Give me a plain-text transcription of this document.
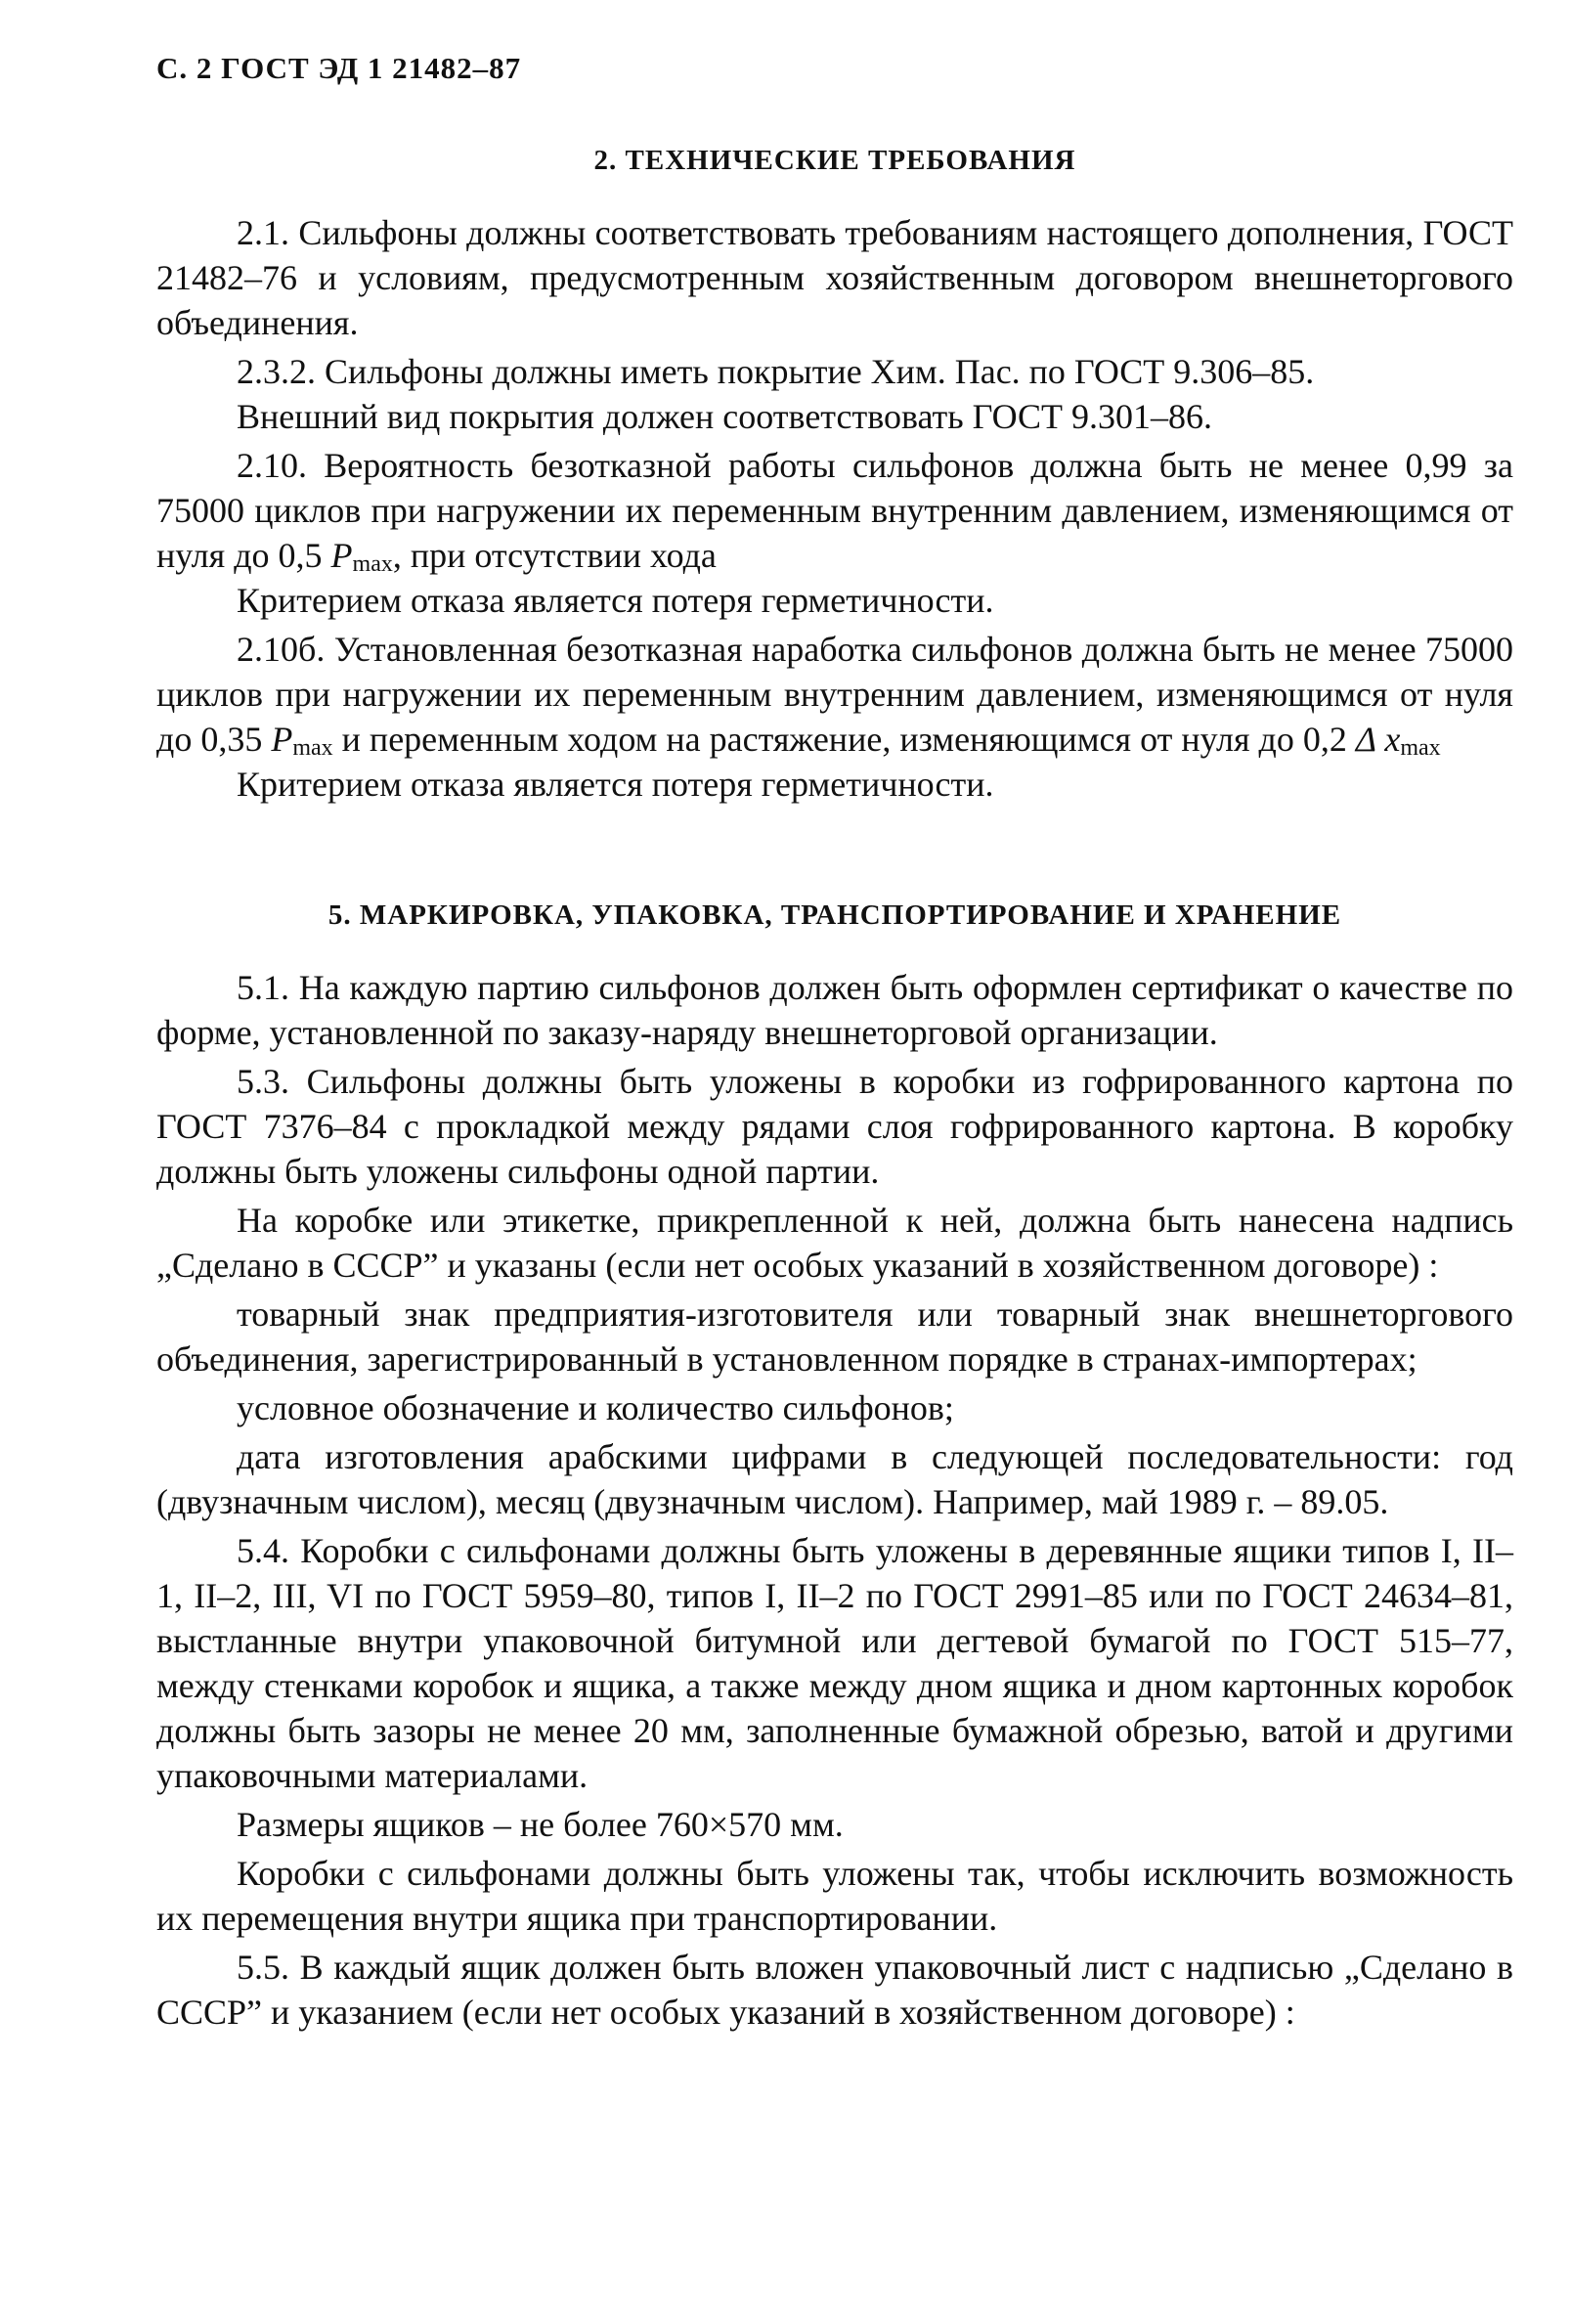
С. 2 ГОСТ ЭД 1 21482–87
2. ТЕХНИЧЕСКИЕ ТРЕБОВАНИЯ

2.1. Сильфоны должны соответствовать требованиям настоящего дополнения, ГОСТ 21482–76 и условиям, предусмотренным хозяйственным договором внешнеторгового объединения.

2.3.2. Сильфоны должны иметь покрытие Хим. Пас. по ГОСТ 9.306–85.

Внешний вид покрытия должен соответствовать ГОСТ 9.301–86.

2.10. Вероятность безотказной работы сильфонов должна быть не менее 0,99 за 75000 циклов при нагружении их переменным внутренним давлением, изменяющимся от нуля до 0,5 $P_{max}$, при отсутствии хода

Критерием отказа является потеря герметичности.

2.10б. Установленная безотказная наработка сильфонов должна быть не менее 75000 циклов при нагружении их переменным внутренним давлением, изменяющимся от нуля до 0,35 $P_{max}$ и переменным ходом на растяжение, изменяющимся от нуля до 0,2 Δ $x_{max}$

Критерием отказа является потеря герметичности.

5. МАРКИРОВКА, УПАКОВКА, ТРАНСПОРТИРОВАНИЕ И ХРАНЕНИЕ

5.1. На каждую партию сильфонов должен быть оформлен сертификат о качестве по форме, установленной по заказу-наряду внешнеторговой организации.

5.3. Сильфоны должны быть уложены в коробки из гофрированного картона по ГОСТ 7376–84 с прокладкой между рядами слоя гофрированного картона. В коробку должны быть уложены сильфоны одной партии.

На коробке или этикетке, прикрепленной к ней, должна быть нанесена надпись „Сделано в СССР” и указаны (если нет особых указаний в хозяйственном договоре) :

товарный знак предприятия-изготовителя или товарный знак внешнеторгового объединения, зарегистрированный в установленном порядке в странах-импортерах;

условное обозначение и количество сильфонов;

дата изготовления арабскими цифрами в следующей последовательности: год (двузначным числом), месяц (двузначным числом). Например, май 1989 г. – 89.05.

5.4. Коробки с сильфонами должны быть уложены в деревянные ящики типов I, II–1, II–2, III, VI по ГОСТ 5959–80, типов I, II–2 по ГОСТ 2991–85 или по ГОСТ 24634–81, выстланные внутри упаковочной битумной или дегтевой бумагой по ГОСТ 515–77, между стенками коробок и ящика, а также между дном ящика и дном картонных коробок должны быть зазоры не менее 20 мм, заполненные бумажной обрезью, ватой и другими упаковочными материалами.

Размеры ящиков – не более 760×570 мм.

Коробки с сильфонами должны быть уложены так, чтобы исключить возможность их перемещения внутри ящика при транспортировании.

5.5. В каждый ящик должен быть вложен упаковочный лист с надписью „Сделано в СССР” и указанием (если нет особых указаний в хозяйственном договоре) :
